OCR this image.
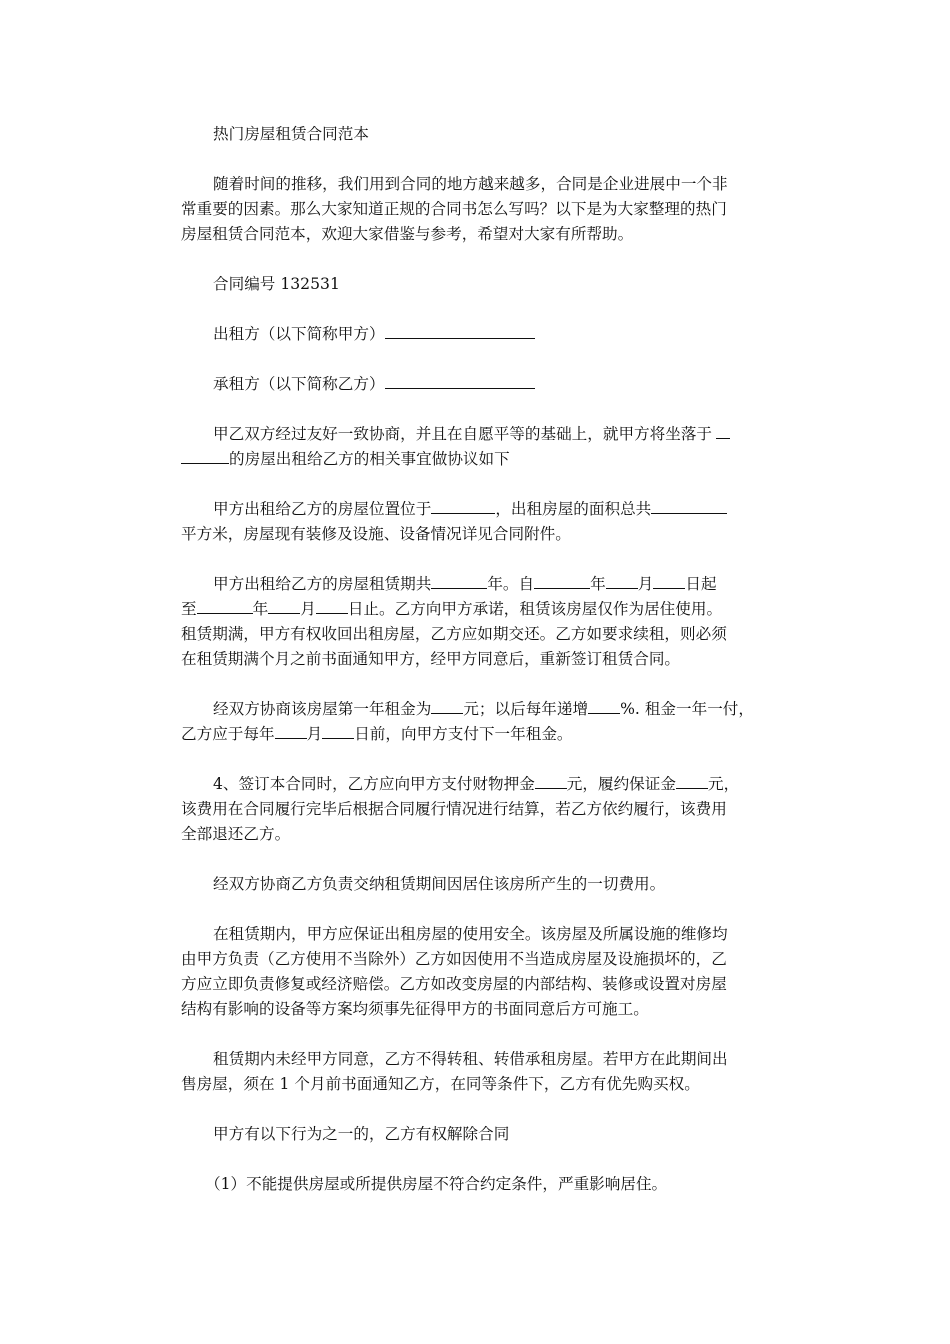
热门房屋租赁合同范本

随着时间的推移，我们用到合同的地方越来越多，合同是企业进展中一个非
常重要的因素。那么大家知道正规的合同书怎么写吗？以下是为大家整理的热门
房屋租赁合同范本，欢迎大家借鉴与参考，希望对大家有所帮助。

合同编号 132531

出租方（以下简称甲方）

承租方（以下简称乙方）

甲乙双方经过友好一致协商，并且在自愿平等的基础上，就甲方将坐落于
的房屋出租给乙方的相关事宜做协议如下
甲方出租给乙方的房屋位置位于	，出租房屋的面积总共
平方米，房屋现有装修及设施、设备情况详见合同附件。
甲方出租给乙方的房屋租赁期共	年。自	年 月 日起
至	年 月 日止。乙方向甲方承诺，租赁该房屋仅作为居住使用。
租赁期满，甲方有权收回出租房屋，乙方应如期交还。乙方如要求续租，则必须
在租赁期满个月之前书面通知甲方，经甲方同意后，重新签订租赁合同。
经双方协商该房屋第一年租金为 元；以后每年递增 %. 租金一年一付，
乙方应于每年 月 日前，向甲方支付下一年租金。
4、签订本合同时，乙方应向甲方支付财物押金 元，履约保证金 元，
该费用在合同履行完毕后根据合同履行情况进行结算，若乙方依约履行，该费用
全部退还乙方。

经双方协商乙方负责交纳租赁期间因居住该房所产生的一切费用。

在租赁期内，甲方应保证出租房屋的使用安全。该房屋及所属设施的维修均
由甲方负责（乙方使用不当除外）乙方如因使用不当造成房屋及设施损坏的，乙
方应立即负责修复或经济赔偿。乙方如改变房屋的内部结构、装修或设置对房屋
结构有影响的设备等方案均须事先征得甲方的书面同意后方可施工。
租赁期内未经甲方同意，乙方不得转租、转借承租房屋。若甲方在此期间出
售房屋，须在 1 个月前书面通知乙方，在同等条件下，乙方有优先购买权。

甲方有以下行为之一的，乙方有权解除合同

（1）不能提供房屋或所提供房屋不符合约定条件，严重影响居住。
